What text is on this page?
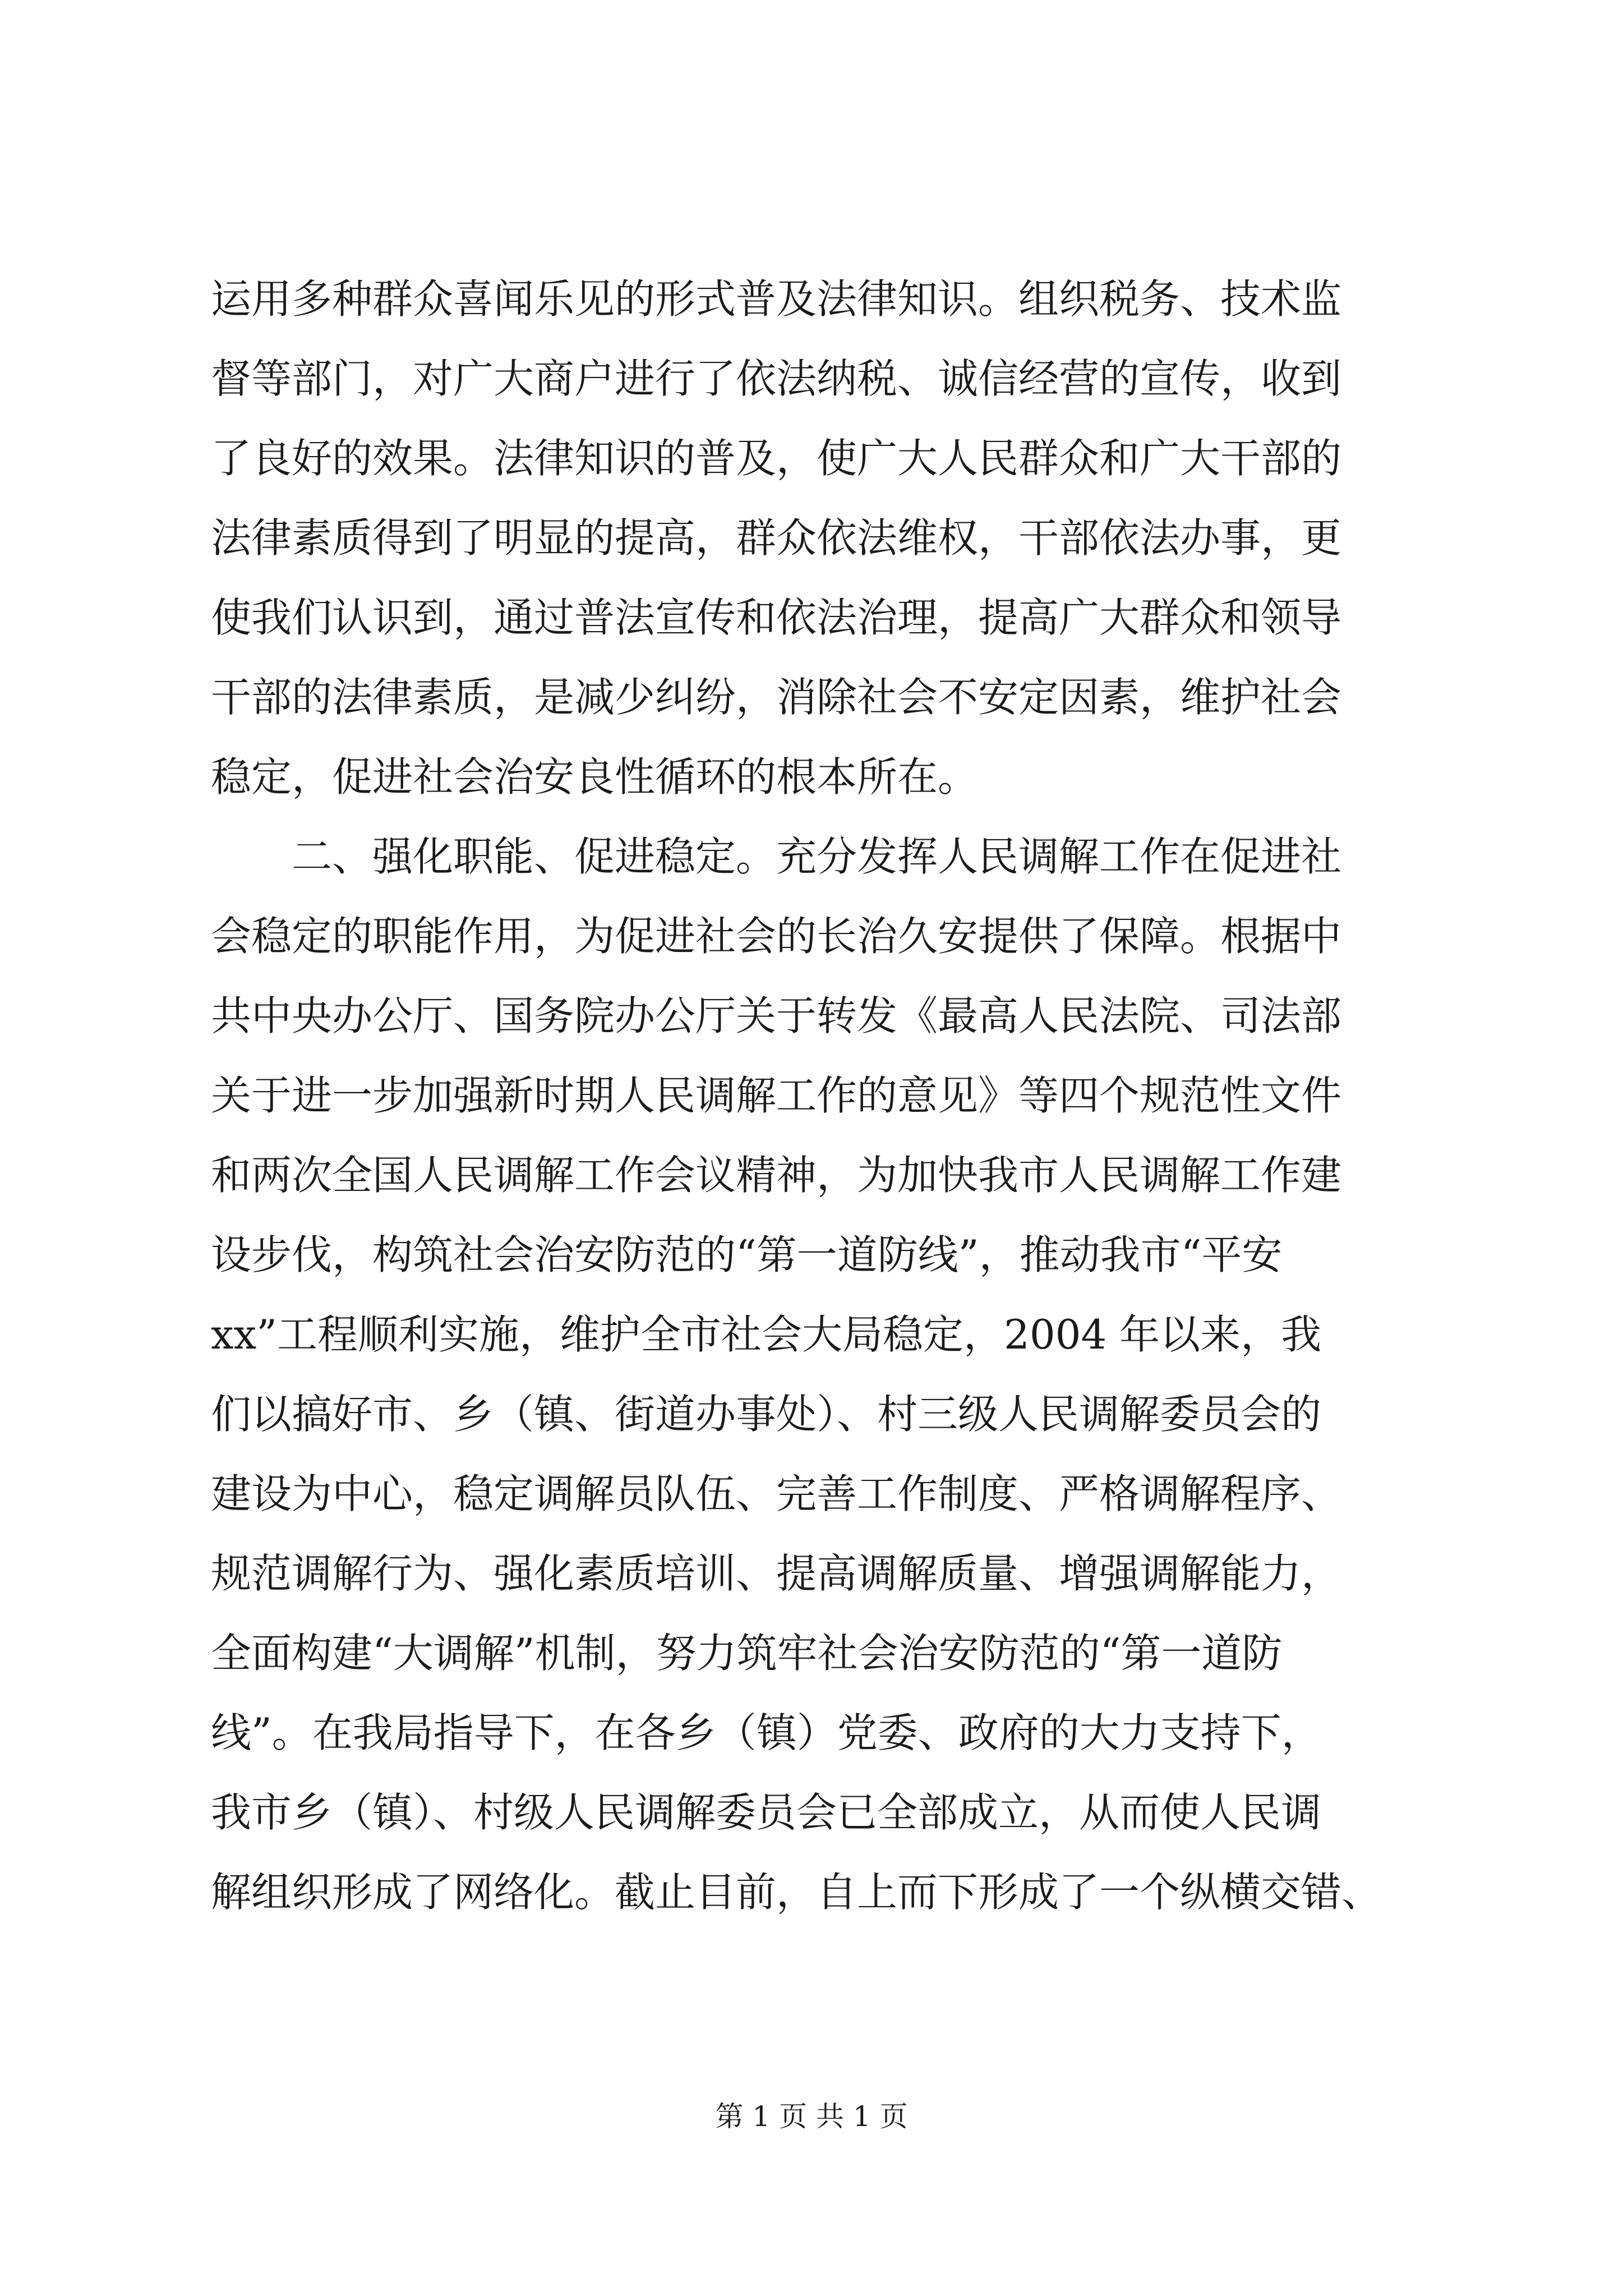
运用多种群众喜闻乐见的形式普及法律知识。组织税务、技术监
督等部门，对广大商户进行了依法纳税、诚信经营的宣传，收到
了良好的效果。法律知识的普及，使广大人民群众和广大干部的
法律素质得到了明显的提高，群众依法维权，干部依法办事，更
使我们认识到，通过普法宣传和依法治理，提高广大群众和领导
干部的法律素质，是减少纠纷，消除社会不安定因素，维护社会
稳定，促进社会治安良性循环的根本所在。
　　二、强化职能、促进稳定。充分发挥人民调解工作在促进社
会稳定的职能作用，为促进社会的长治久安提供了保障。根据中
共中央办公厅、国务院办公厅关于转发《最高人民法院、司法部
关于进一步加强新时期人民调解工作的意见》等四个规范性文件
和两次全国人民调解工作会议精神，为加快我市人民调解工作建
设步伐，构筑社会治安防范的“第一道防线”，推动我市“平安
xx”工程顺利实施，维护全市社会大局稳定，2004 年以来，我
们以搞好市、乡（镇、街道办事处）、村三级人民调解委员会的
建设为中心，稳定调解员队伍、完善工作制度、严格调解程序、
规范调解行为、强化素质培训、提高调解质量、增强调解能力，
全面构建“大调解”机制，努力筑牢社会治安防范的“第一道防
线”。在我局指导下，在各乡（镇）党委、政府的大力支持下，
我市乡（镇）、村级人民调解委员会已全部成立，从而使人民调
解组织形成了网络化。截止目前，自上而下形成了一个纵横交错、
第 1 页 共 1 页
